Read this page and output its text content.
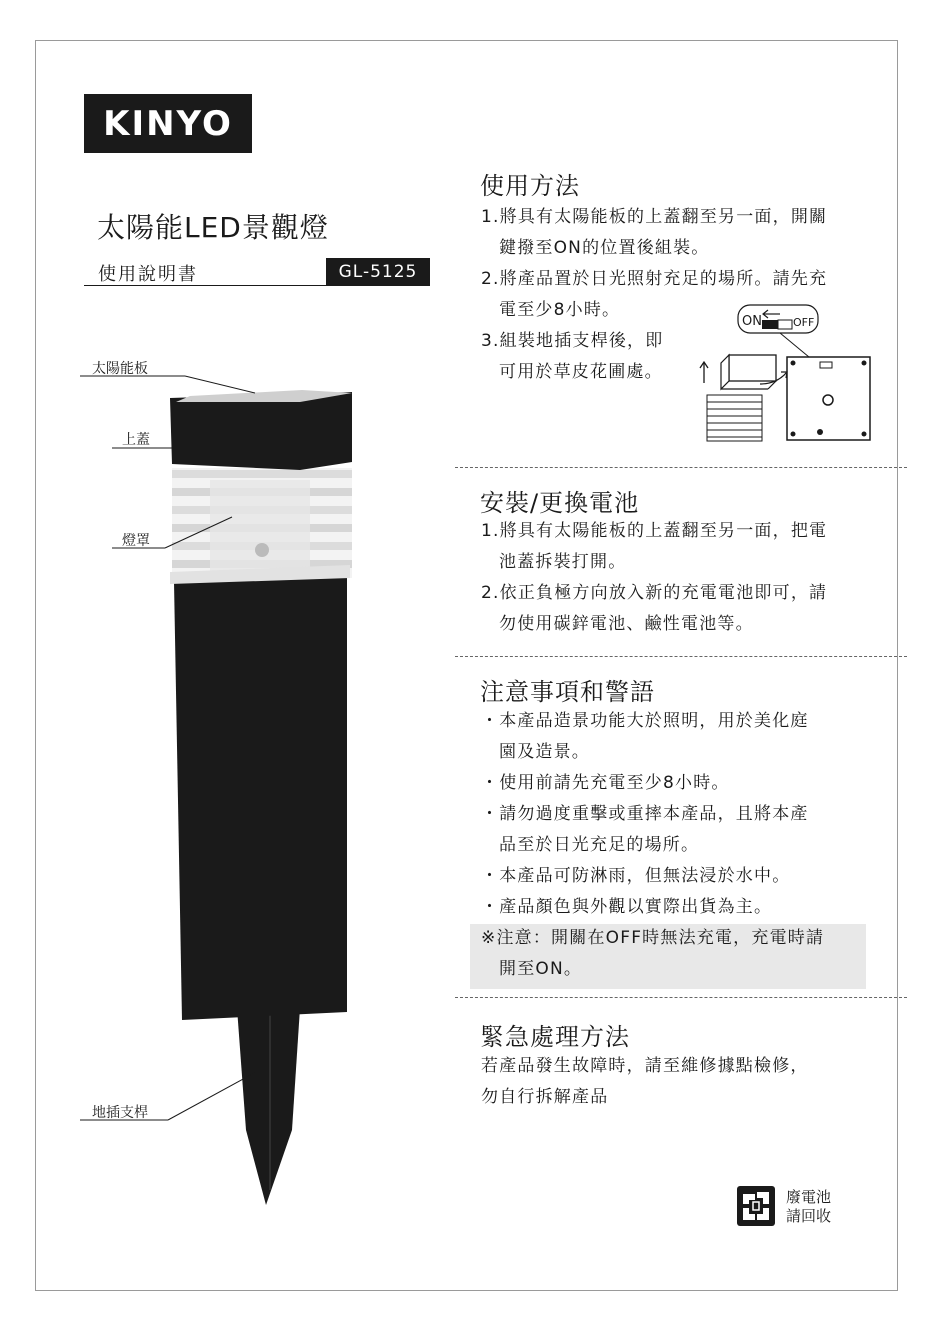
KINYO
太陽能LED景觀燈
使用說明書	GL-5125
太陽能板
上蓋
燈罩
地插支桿
使用方法

1.將具有太陽能板的上蓋翻至另一面，開關

鍵撥至ON的位置後組裝。

2.將產品置於日光照射充足的場所。請先充

電至少8小時。

3.組裝地插支桿後，即

可用於草皮花圃處。

ON	OFF
安裝/更換電池

1.將具有太陽能板的上蓋翻至另一面，把電

池蓋拆裝打開。

2.依正負極方向放入新的充電電池即可，請

勿使用碳鋅電池、鹼性電池等。

注意事項和警語

・本產品造景功能大於照明，用於美化庭

園及造景。

・使用前請先充電至少8小時。

・請勿過度重擊或重摔本產品，且將本產

品至於日光充足的場所。

・本產品可防淋雨，但無法浸於水中。

・產品顏色與外觀以實際出貨為主。

※注意：開關在OFF時無法充電，充電時請

開至ON。

緊急處理方法

若產品發生故障時，請至維修據點檢修，

勿自行拆解產品

廢電池
請回收
